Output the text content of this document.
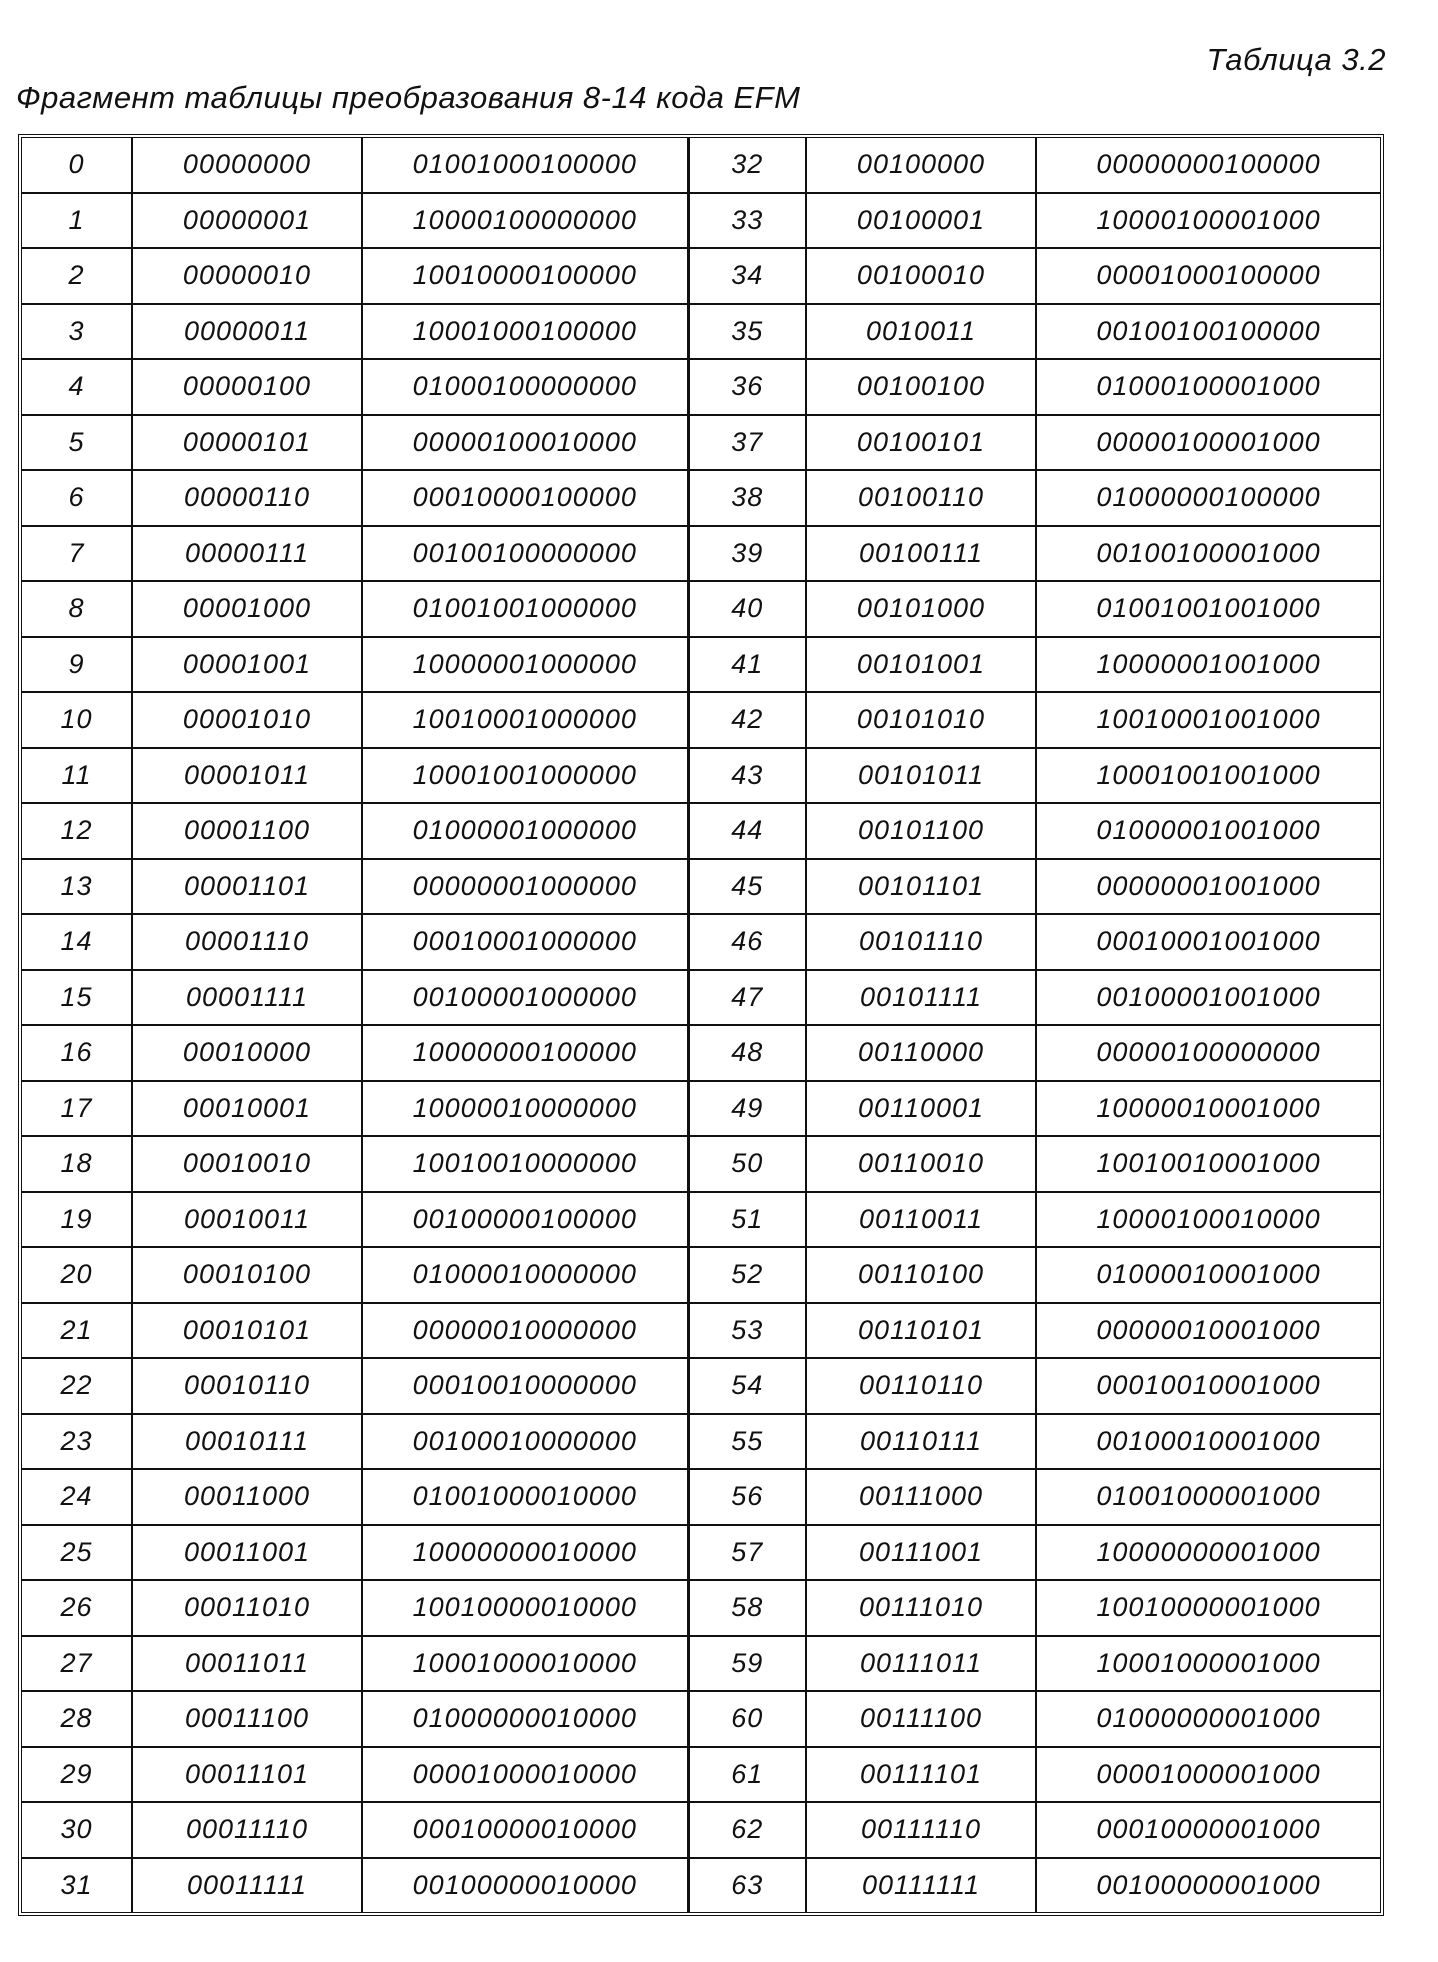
Таблица 3.2
Фрагмент таблицы преобразования 8-14 кода EFM
0	00000000	01001000100000	32	00100000	00000000100000
1	00000001	10000100000000	33	00100001	10000100001000
2	00000010	10010000100000	34	00100010	00001000100000
3	00000011	10001000100000	35	0010011	00100100100000
4	00000100	01000100000000	36	00100100	01000100001000
5	00000101	00000100010000	37	00100101	00000100001000
6	00000110	00010000100000	38	00100110	01000000100000
7	00000111	00100100000000	39	00100111	00100100001000
8	00001000	01001001000000	40	00101000	01001001001000
9	00001001	10000001000000	41	00101001	10000001001000
10	00001010	10010001000000	42	00101010	10010001001000
11	00001011	10001001000000	43	00101011	10001001001000
12	00001100	01000001000000	44	00101100	01000001001000
13	00001101	00000001000000	45	00101101	00000001001000
14	00001110	00010001000000	46	00101110	00010001001000
15	00001111	00100001000000	47	00101111	00100001001000
16	00010000	10000000100000	48	00110000	00000100000000
17	00010001	10000010000000	49	00110001	10000010001000
18	00010010	10010010000000	50	00110010	10010010001000
19	00010011	00100000100000	51	00110011	10000100010000
20	00010100	01000010000000	52	00110100	01000010001000
21	00010101	00000010000000	53	00110101	00000010001000
22	00010110	00010010000000	54	00110110	00010010001000
23	00010111	00100010000000	55	00110111	00100010001000
24	00011000	01001000010000	56	00111000	01001000001000
25	00011001	10000000010000	57	00111001	10000000001000
26	00011010	10010000010000	58	00111010	10010000001000
27	00011011	10001000010000	59	00111011	10001000001000
28	00011100	01000000010000	60	00111100	01000000001000
29	00011101	00001000010000	61	00111101	00001000001000
30	00011110	00010000010000	62	00111110	00010000001000
31	00011111	00100000010000	63	00111111	00100000001000
